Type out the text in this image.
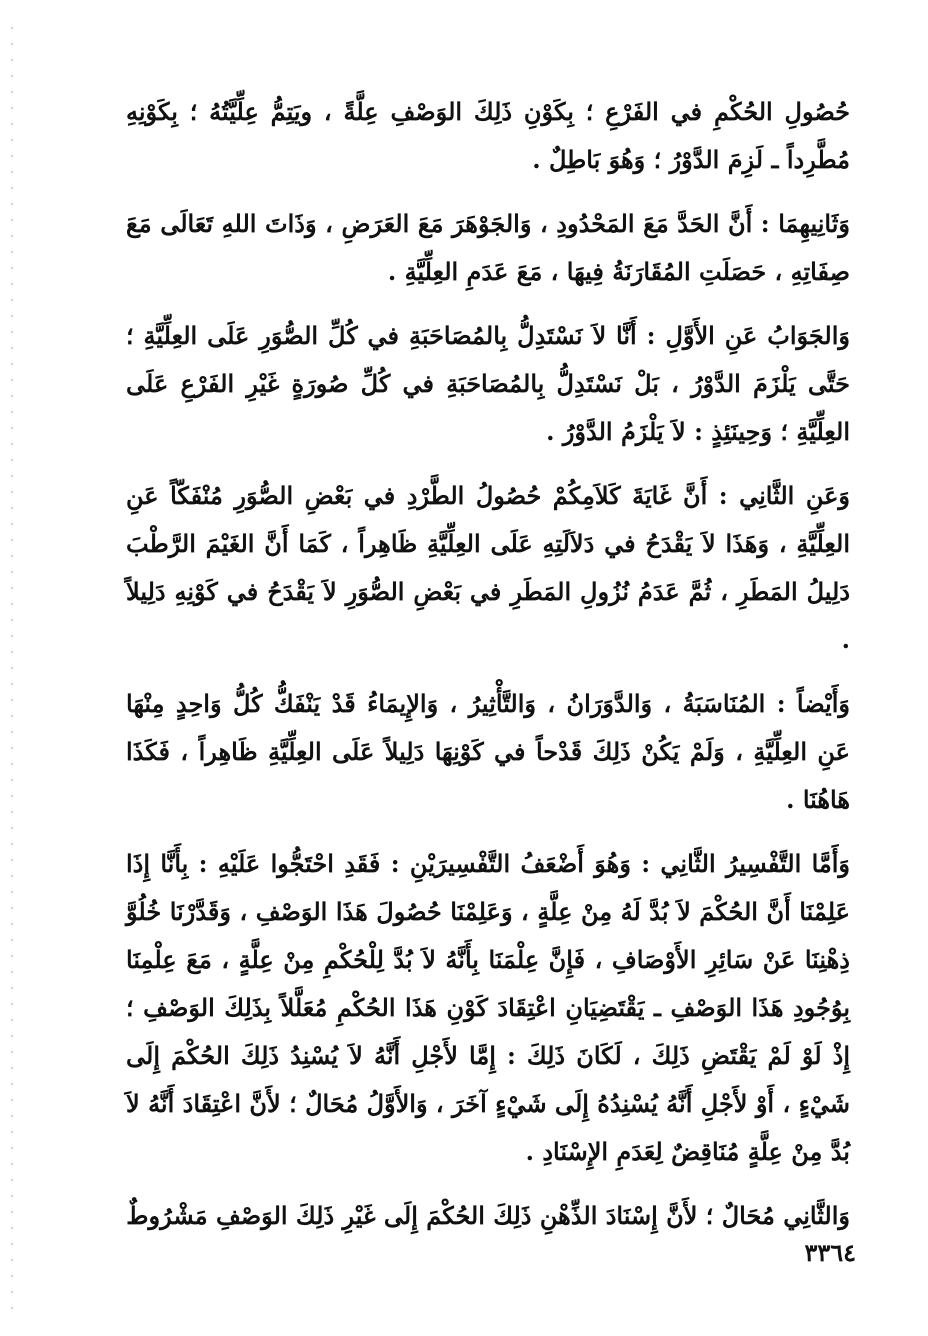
حُصُولِ الحُكْمِ في الفَرْعِ ؛ بِكَوْنِ ذَلِكَ الوَصْفِ عِلَّةً ، ويَتِمُّ عِلِّيَّتُهُ ؛ بِكَوْنِهِ مُطَّرِداً ـ لَزِمَ الدَّوْرُ ؛ وَهُوَ بَاطِلٌ .

وَثَانِيهِمَا : أَنَّ الحَدَّ مَعَ المَحْدُودِ ، وَالجَوْهَرَ مَعَ العَرَضِ ، وَذَاتَ اللهِ تَعَالَى مَعَ صِفَاتِهِ ، حَصَلَتِ المُقَارَنَةُ فِيهَا ، مَعَ عَدَمِ العِلِّيَّةِ .

وَالجَوَابُ عَنِ الأَوَّلِ : أَنَّا لاَ نَسْتَدِلُّ بِالمُصَاحَبَةِ في كُلِّ الصُّوَرِ عَلَى العِلِّيَّةِ ؛ حَتَّى يَلْزَمَ الدَّوْرُ ، بَلْ نَسْتَدِلُّ بِالمُصَاحَبَةِ في كُلِّ صُورَةٍ غَيْرِ الفَرْعِ عَلَى العِلِّيَّةِ ؛ وَحِينَئِذٍ : لاَ يَلْزَمُ الدَّوْرُ .

وَعَنِ الثَّانِي : أَنَّ غَايَةَ كَلاَمِكُمْ حُصُولُ الطَّرْدِ في بَعْضِ الصُّوَرِ مُنْفَكّاً عَنِ العِلِّيَّةِ ، وَهَذَا لاَ يَقْدَحُ في دَلاَلَتِهِ عَلَى العِلِّيَّةِ ظَاهِراً ، كَمَا أَنَّ الغَيْمَ الرَّطْبَ دَلِيلُ المَطَرِ ، ثُمَّ عَدَمُ نُزُولِ المَطَرِ في بَعْضِ الصُّوَرِ لاَ يَقْدَحُ في كَوْنِهِ دَلِيلاً .

وَأَيْضاً : المُنَاسَبَةُ ، وَالدَّوَرَانُ ، وَالتَّأْثِيرُ ، وَالإِيمَاءُ قَدْ يَنْفَكُّ كُلُّ وَاحِدٍ مِنْهَا عَنِ العِلِّيَّةِ ، وَلَمْ يَكُنْ ذَلِكَ قَدْحاً في كَوْنِهَا دَلِيلاً عَلَى العِلِّيَّةِ ظَاهِراً ، فَكَذَا هَاهُنَا .

وَأَمَّا التَّفْسِيرُ الثَّانِي : وَهُوَ أَضْعَفُ التَّفْسِيرَيْنِ : فَقَدِ احْتَجُّوا عَلَيْهِ : بِأَنَّا إِذَا عَلِمْنَا أَنَّ الحُكْمَ لاَ بُدَّ لَهُ مِنْ عِلَّةٍ ، وَعَلِمْنَا حُصُولَ هَذَا الوَصْفِ ، وَقَدَّرْنَا خُلُوَّ ذِهْنِنَا عَنْ سَائِرِ الأَوْصَافِ ، فَإِنَّ عِلْمَنَا بِأَنَّهُ لاَ بُدَّ لِلْحُكْمِ مِنْ عِلَّةٍ ، مَعَ عِلْمِنَا بِوُجُودِ هَذَا الوَصْفِ ـ يَقْتَضِيَانِ اعْتِقَادَ كَوْنِ هَذَا الحُكْمِ مُعَلَّلاً بِذَلِكَ الوَصْفِ ؛ إِذْ لَوْ لَمْ يَقْتَضِ ذَلِكَ ، لَكَانَ ذَلِكَ : إِمَّا لأَجْلِ أَنَّهُ لاَ يُسْنِدُ ذَلِكَ الحُكْمَ إِلَى شَيْءٍ ، أَوْ لأَجْلِ أَنَّهُ يُسْنِدُهُ إِلَى شَيْءٍ آخَرَ ، وَالأَوَّلُ مُحَالٌ ؛ لأَنَّ اعْتِقَادَ أَنَّهُ لاَ بُدَّ مِنْ عِلَّةٍ مُنَاقِضٌ لِعَدَمِ الإِسْنَادِ .

وَالثَّانِي مُحَالٌ ؛ لأَنَّ إِسْنَادَ الذِّهْنِ ذَلِكَ الحُكْمَ إِلَى غَيْرِ ذَلِكَ الوَصْفِ مَشْرُوطٌ

٣٣٦٤
